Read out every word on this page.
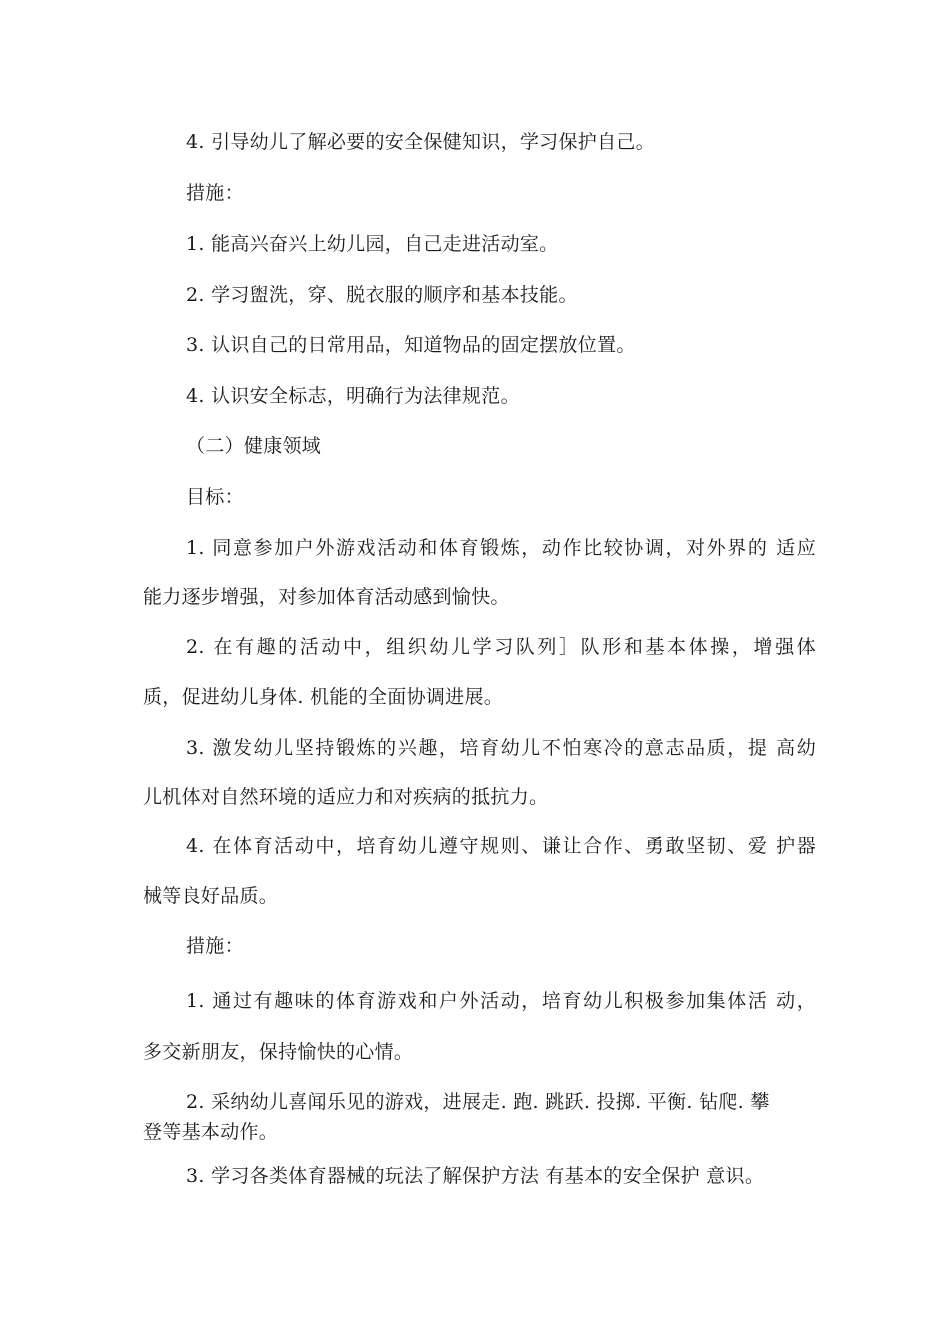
4. 引导幼儿了解必要的安全保健知识，学习保护自己。
措施：
1. 能高兴奋兴上幼儿园，自己走进活动室。
2. 学习盥洗，穿、脱衣服的顺序和基本技能。
3. 认识自己的日常用品，知道物品的固定摆放位置。
4. 认识安全标志，明确行为法律规范。
（二）健康领域
目标：
1. 同意参加户外游戏活动和体育锻炼，动作比较协调，对外界的 适应
能力逐步增强，对参加体育活动感到愉快。
2. 在有趣的活动中，组织幼儿学习队列］队形和基本体操，增强体
质，促进幼儿身体. 机能的全面协调进展。
3. 激发幼儿坚持锻炼的兴趣，培育幼儿不怕寒冷的意志品质，提 高幼
儿机体对自然环境的适应力和对疾病的抵抗力。
4. 在体育活动中，培育幼儿遵守规则、谦让合作、勇敢坚韧、爱 护器
械等良好品质。
措施：
1. 通过有趣味的体育游戏和户外活动，培育幼儿积极参加集体活 动，
多交新朋友，保持愉快的心情。
2. 采纳幼儿喜闻乐见的游戏，进展走. 跑. 跳跃. 投掷. 平衡. 钻爬. 攀
登等基本动作。
3. 学习各类体育器械的玩法了解保护方法 有基本的安全保护 意识。
